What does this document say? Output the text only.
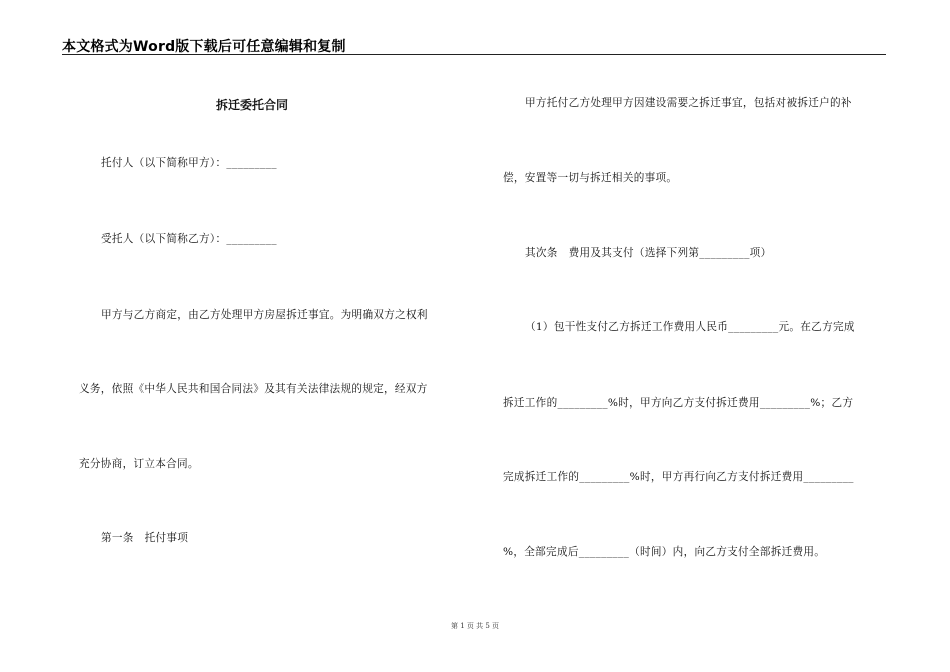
本文格式为Word版下载后可任意编辑和复制
拆迁委托合同
托付人（以下简称甲方）：_________
受托人（以下简称乙方）：_________
甲方与乙方商定，由乙方处理甲方房屋拆迁事宜。为明确双方之权利
义务，依照《中华人民共和国合同法》及其有关法律法规的规定，经双方
充分协商，订立本合同。
第一条　托付事项
甲方托付乙方处理甲方因建设需要之拆迁事宜，包括对被拆迁户的补
偿，安置等一切与拆迁相关的事项。
其次条　费用及其支付（选择下列第_________项）
（1）包干性支付乙方拆迁工作费用人民币_________元。在乙方完成
拆迁工作的_________%时，甲方向乙方支付拆迁费用_________%；乙方
完成拆迁工作的_________%时，甲方再行向乙方支付拆迁费用_________
%，全部完成后_________（时间）内，向乙方支付全部拆迁费用。
第 1 页 共 5 页
